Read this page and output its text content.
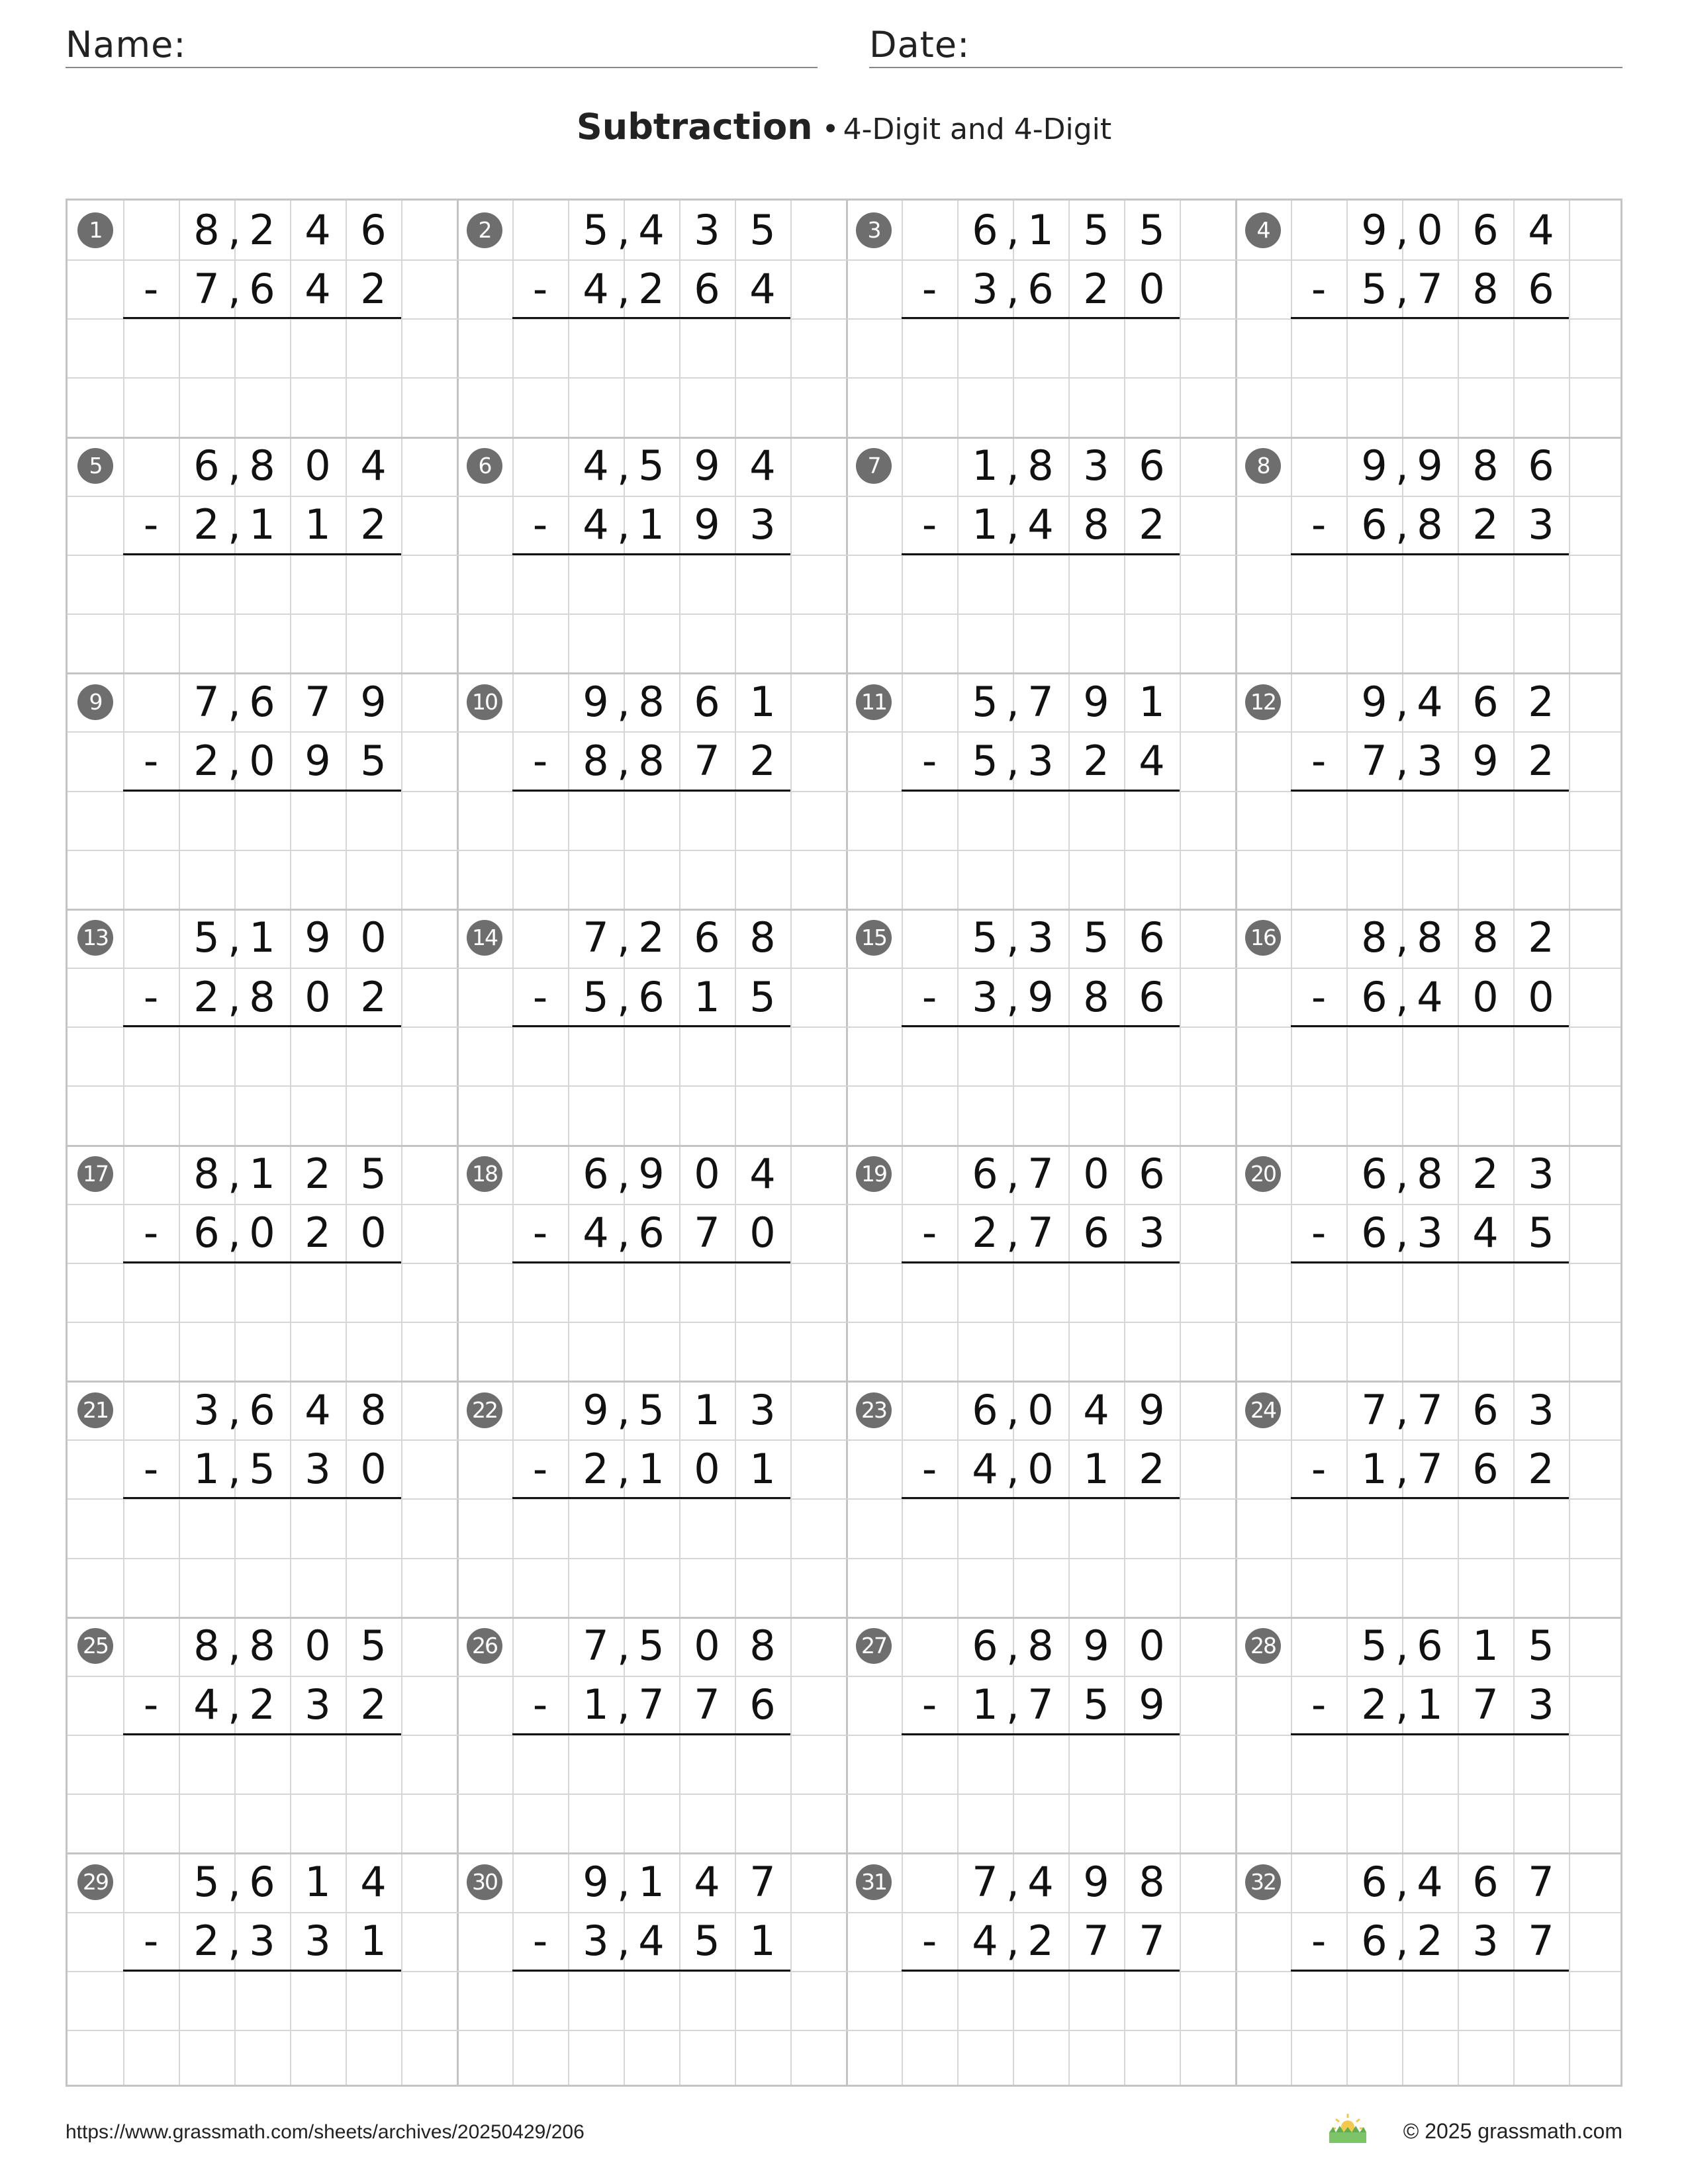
Name:	Date:
Subtraction • 4-Digit and 4-Digit
1	8 2 4 6
,
7 6 4 2
,
-
2	5 4 3 5
,
4 2 6 4
,
-
3	6 1 5 5
,
3 6 2 0
,
-
4	9 0 6 4
,
5 7 8 6
,
-
5	6 8 0 4
,
2 1 1 2
,
-
6	4 5 9 4
,
4 1 9 3
,
-
7	1 8 3 6
,
1 4 8 2
,
-
8	9 9 8 6
,
6 8 2 3
,
-
9	7 6 7 9
,
2 0 9 5
,
-
10	9 8 6 1
,
8 8 7 2
,
-
11	5 7 9 1
,
5 3 2 4
,
-
12	9 4 6 2
,
7 3 9 2
,
-
13	5 1 9 0
,
2 8 0 2
,
-
14	7 2 6 8
,
5 6 1 5
,
-
15	5 3 5 6
,
3 9 8 6
,
-
16	8 8 8 2
,
6 4 0 0
,
-
17	8 1 2 5
,
6 0 2 0
,
-
18	6 9 0 4
,
4 6 7 0
,
-
19	6 7 0 6
,
2 7 6 3
,
-
20	6 8 2 3
,
6 3 4 5
,
-
21	3 6 4 8
,
1 5 3 0
,
-
22	9 5 1 3
,
2 1 0 1
,
-
23	6 0 4 9
,
4 0 1 2
,
-
24	7 7 6 3
,
1 7 6 2
,
-
25	8 8 0 5
,
4 2 3 2
,
-
26	7 5 0 8
,
1 7 7 6
,
-
27	6 8 9 0
,
1 7 5 9
,
-
28	5 6 1 5
,
2 1 7 3
,
-
29	5 6 1 4
,
2 3 3 1
,
-
30	9 1 4 7
,
3 4 5 1
,
-
31	7 4 9 8
,
4 2 7 7
,
-
32	6 4 6 7
,
6 2 3 7
,
-
https://www.grassmath.com/sheets/archives/20250429/206	© 2025 grassmath.com
